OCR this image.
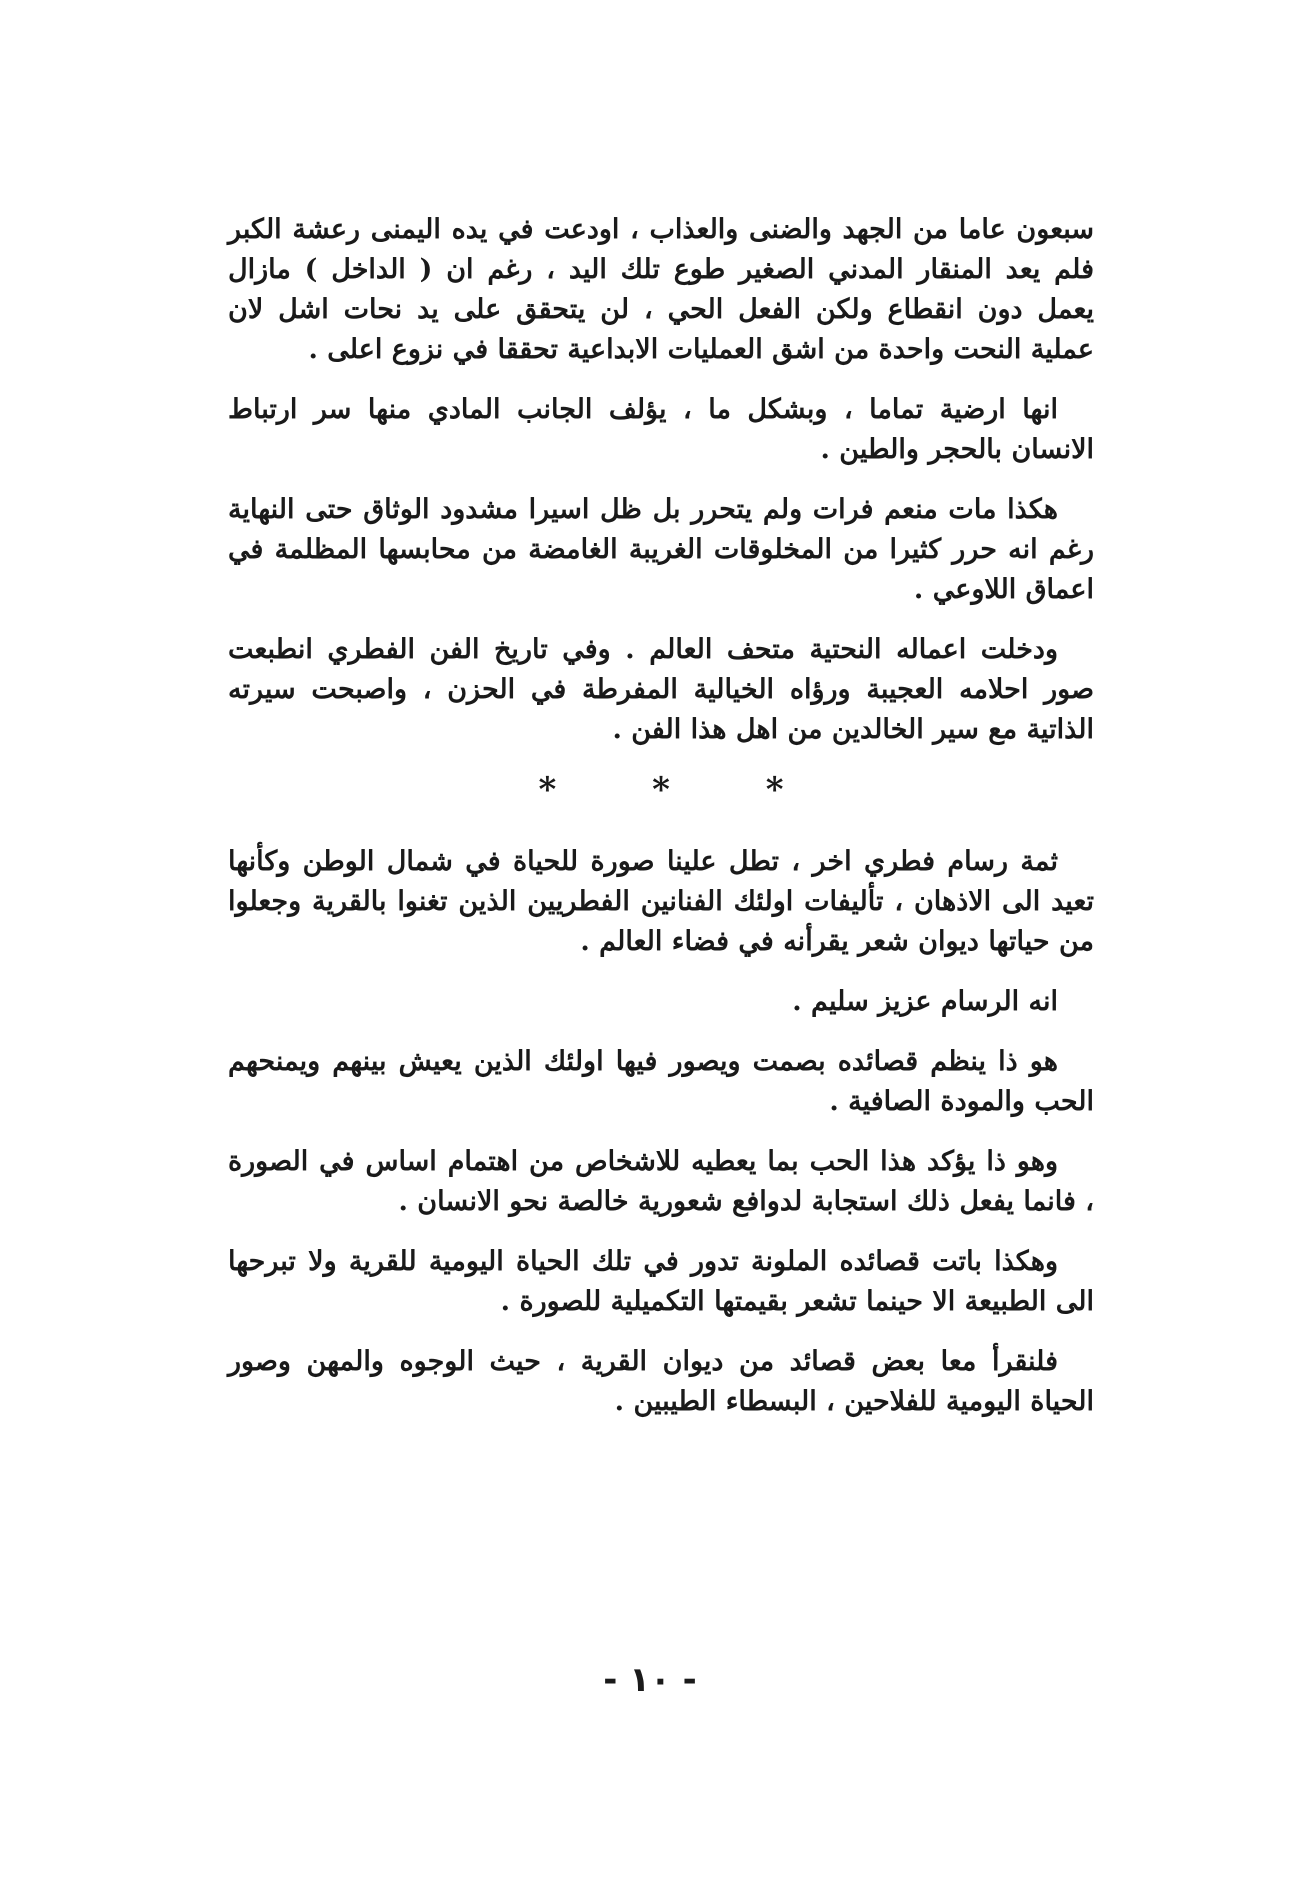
سبعون عاما من الجهد والضنى والعذاب ، اودعت في يده اليمنى رعشة الكبر فلم يعد المنقار المدني الصغير طوع تلك اليد ، رغم ان ( الداخل ) مازال يعمل دون انقطاع ولكن الفعل الحي ، لن يتحقق على يد نحات اشل لان عملية النحت واحدة من اشق العمليات الابداعية تحققا في نزوع اعلى .

انها ارضية تماما ، وبشكل ما ، يؤلف الجانب المادي منها سر ارتباط الانسان بالحجر والطين .

هكذا مات منعم فرات ولم يتحرر بل ظل اسيرا مشدود الوثاق حتى النهاية رغم انه حرر كثيرا من المخلوقات الغريبة الغامضة من محابسها المظلمة في اعماق اللاوعي .

ودخلت اعماله النحتية متحف العالم . وفي تاريخ الفن الفطري انطبعت صور احلامه العجيبة ورؤاه الخيالية المفرطة في الحزن ، واصبحت سيرته الذاتية مع سير الخالدين من اهل هذا الفن .

* * *

ثمة رسام فطري اخر ، تطل علينا صورة للحياة في شمال الوطن وكأنها تعيد الى الاذهان ، تأليفات اولئك الفنانين الفطريين الذين تغنوا بالقرية وجعلوا من حياتها ديوان شعر يقرأنه في فضاء العالم .

انه الرسام عزيز سليم .

هو ذا ينظم قصائده بصمت ويصور فيها اولئك الذين يعيش بينهم ويمنحهم الحب والمودة الصافية .

وهو ذا يؤكد هذا الحب بما يعطيه للاشخاص من اهتمام اساس في الصورة ، فانما يفعل ذلك استجابة لدوافع شعورية خالصة نحو الانسان .

وهكذا باتت قصائده الملونة تدور في تلك الحياة اليومية للقرية ولا تبرحها الى الطبيعة الا حينما تشعر بقيمتها التكميلية للصورة .

فلنقرأ معا بعض قصائد من ديوان القرية ، حيث الوجوه والمهن وصور الحياة اليومية للفلاحين ، البسطاء الطيبين .

- ١٠ -
